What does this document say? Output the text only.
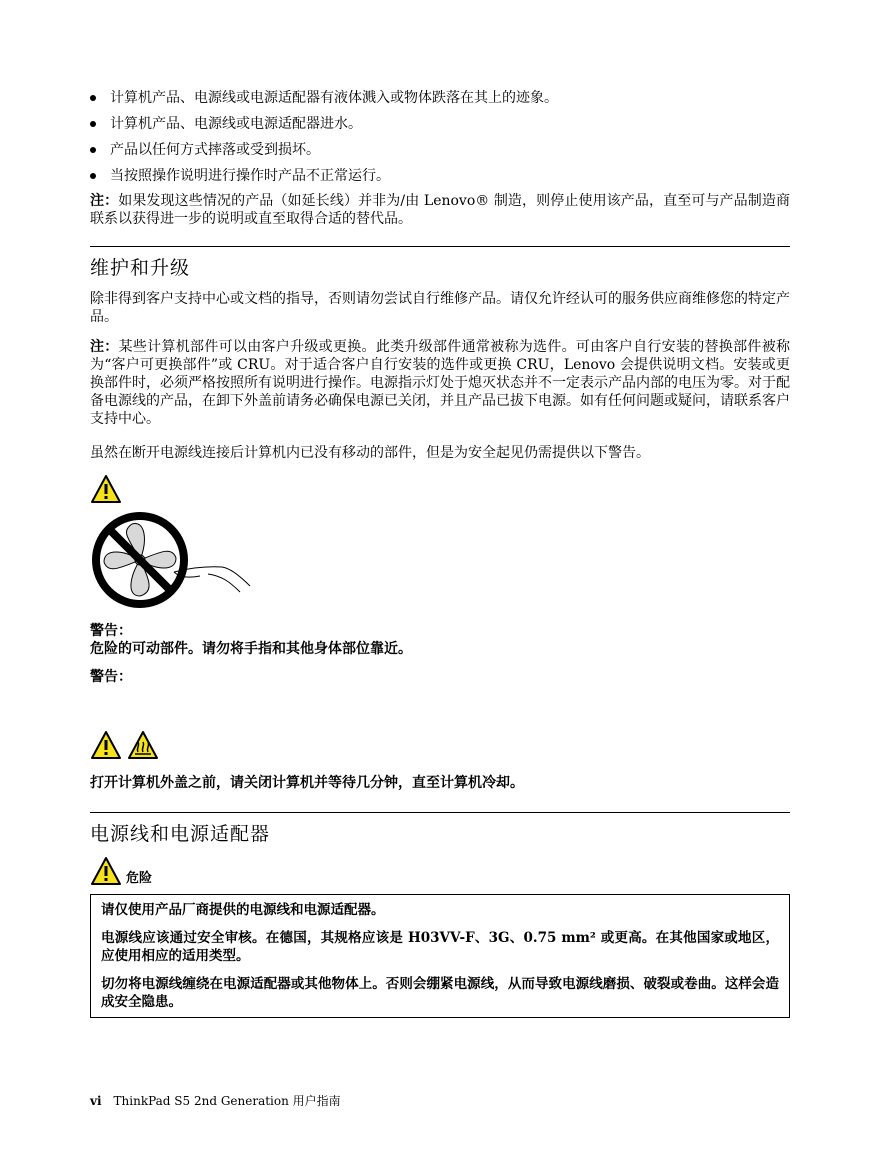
计算机产品、电源线或电源适配器有液体溅入或物体跌落在其上的迹象。
计算机产品、电源线或电源适配器进水。
产品以任何方式摔落或受到损坏。
当按照操作说明进行操作时产品不正常运行。

注：如果发现这些情况的产品（如延长线）并非为/由 Lenovo® 制造，则停止使用该产品，直至可与产品制造商联系以获得进一步的说明或直至取得合适的替代品。

维护和升级

除非得到客户支持中心或文档的指导，否则请勿尝试自行维修产品。请仅允许经认可的服务供应商维修您的特定产品。

注：某些计算机部件可以由客户升级或更换。此类升级部件通常被称为选件。可由客户自行安装的替换部件被称为“客户可更换部件”或 CRU。对于适合客户自行安装的选件或更换 CRU，Lenovo 会提供说明文档。安装或更换部件时，必须严格按照所有说明进行操作。电源指示灯处于熄灭状态并不一定表示产品内部的电压为零。对于配备电源线的产品，在卸下外盖前请务必确保电源已关闭，并且产品已拔下电源。如有任何问题或疑问，请联系客户支持中心。

虽然在断开电源线连接后计算机内已没有移动的部件，但是为安全起见仍需提供以下警告。

警告：

危险的可动部件。请勿将手指和其他身体部位靠近。

警告：

打开计算机外盖之前，请关闭计算机并等待几分钟，直至计算机冷却。

电源线和电源适配器
危险

请仅使用产品厂商提供的电源线和电源适配器。

电源线应该通过安全审核。在德国，其规格应该是 H03VV-F、3G、0.75 mm² 或更高。在其他国家或地区，应使用相应的适用类型。

切勿将电源线缠绕在电源适配器或其他物体上。否则会绷紧电源线，从而导致电源线磨损、破裂或卷曲。这样会造成安全隐患。

vi ThinkPad S5 2nd Generation 用户指南
